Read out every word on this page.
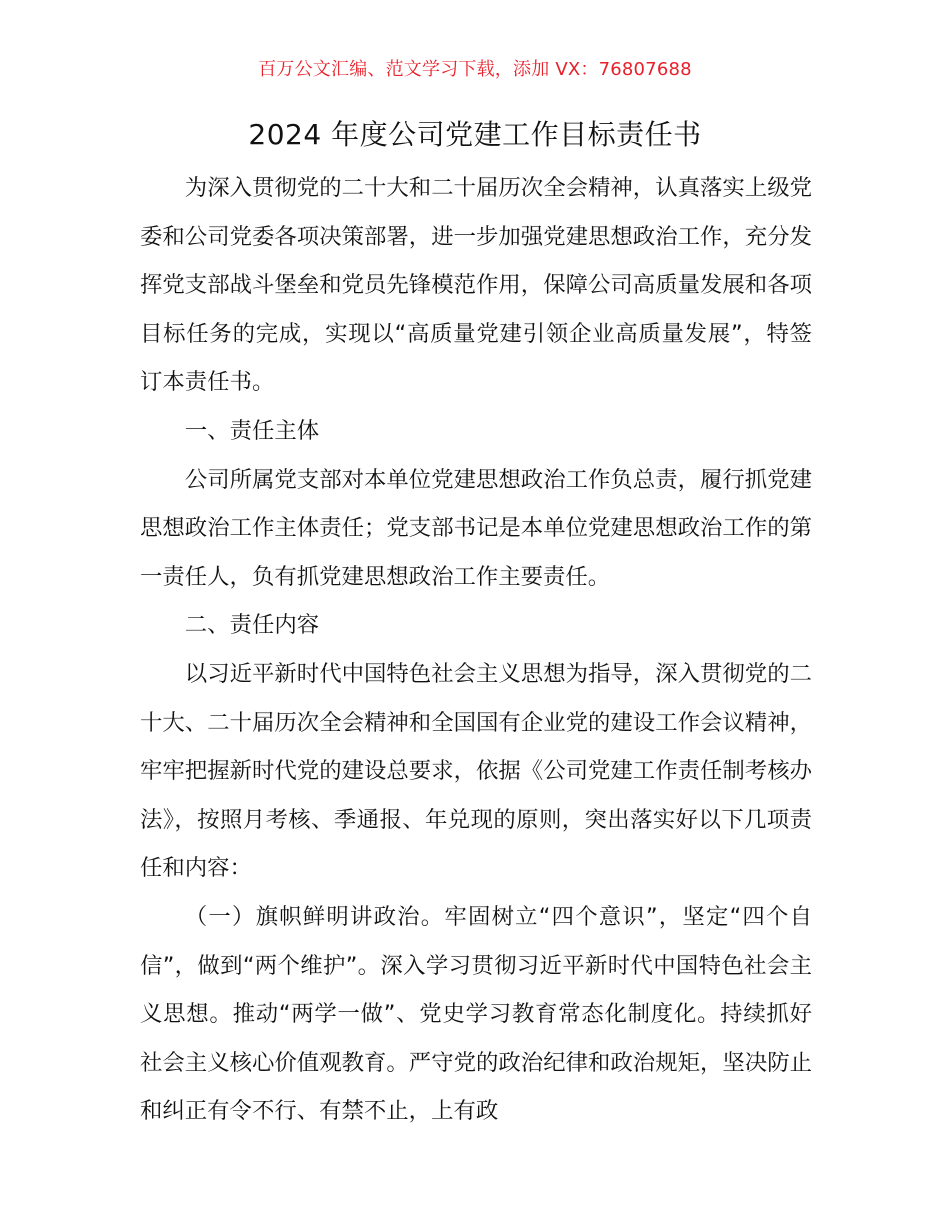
百万公文汇编、范文学习下载，添加 VX：76807688
2024 年度公司党建工作目标责任书

为深入贯彻党的二十大和二十届历次全会精神，认真落实上级党委和公司党委各项决策部署，进一步加强党建思想政治工作，充分发挥党支部战斗堡垒和党员先锋模范作用，保障公司高质量发展和各项目标任务的完成，实现以“高质量党建引领企业高质量发展”，特签订本责任书。

一、责任主体

公司所属党支部对本单位党建思想政治工作负总责，履行抓党建思想政治工作主体责任；党支部书记是本单位党建思想政治工作的第一责任人，负有抓党建思想政治工作主要责任。

二、责任内容

以习近平新时代中国特色社会主义思想为指导，深入贯彻党的二十大、二十届历次全会精神和全国国有企业党的建设工作会议精神，牢牢把握新时代党的建设总要求，依据《公司党建工作责任制考核办法》，按照月考核、季通报、年兑现的原则，突出落实好以下几项责任和内容：

（一）旗帜鲜明讲政治。牢固树立“四个意识”，坚定“四个自信”，做到“两个维护”。深入学习贯彻习近平新时代中国特色社会主义思想。推动“两学一做”、党史学习教育常态化制度化。持续抓好社会主义核心价值观教育。严守党的政治纪律和政治规矩，坚决防止和纠正有令不行、有禁不止，上有政
